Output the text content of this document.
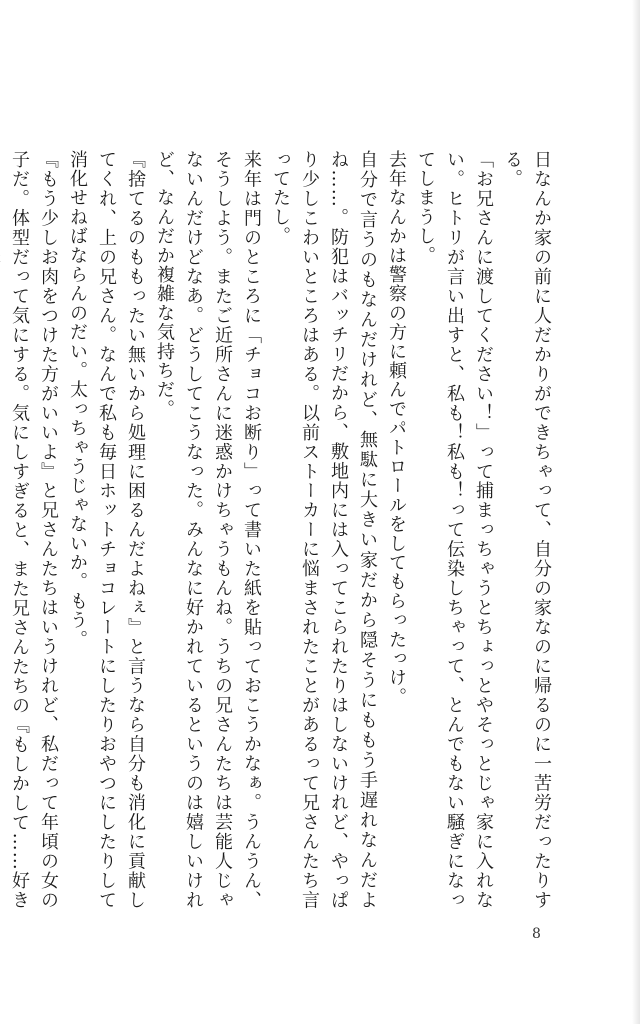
日なんか家の前に人だかりができちゃって、自分の家なのに帰るのに一苦労だったりする。

「お兄さんに渡してください！」って捕まっちゃうとちょっとやそっとじゃ家に入れない。ヒトリが言い出すと、私も！私も！って伝染しちゃって、とんでもない騒ぎになってしまうし。

去年なんかは警察の方に頼んでパトロールをしてもらったっけ。

自分で言うのもなんだけれど、無駄に大きい家だから隠そうにももう手遅れなんだよね……。防犯はバッチリだから、敷地内には入ってこられたりはしないけれど、やっぱり少しこわいところはある。以前ストーカーに悩まされたことがあるって兄さんたち言ってたし。

来年は門のところに「チョコお断り」って書いた紙を貼っておこうかなぁ。うんうん、そうしよう。またご近所さんに迷惑かけちゃうもんね。うちの兄さんたちは芸能人じゃないんだけどなあ。どうしてこうなった。みんなに好かれているというのは嬉しいけれど、なんだか複雑な気持ちだ。

『捨てるのももったい無いから処理に困るんだよねぇ』と言うなら自分も消化に貢献してくれ、上の兄さん。なんで私も毎日ホットチョコレートにしたりおやつにしたりして消化せねばならんのだい。太っちゃうじゃないか。もう。

『もう少しお肉をつけた方がいいよ』と兄さんたちはいうけれど、私だって年頃の女の子だ。体型だって気にする。気にしすぎると、また兄さんたちの『もしかして……好き

8
